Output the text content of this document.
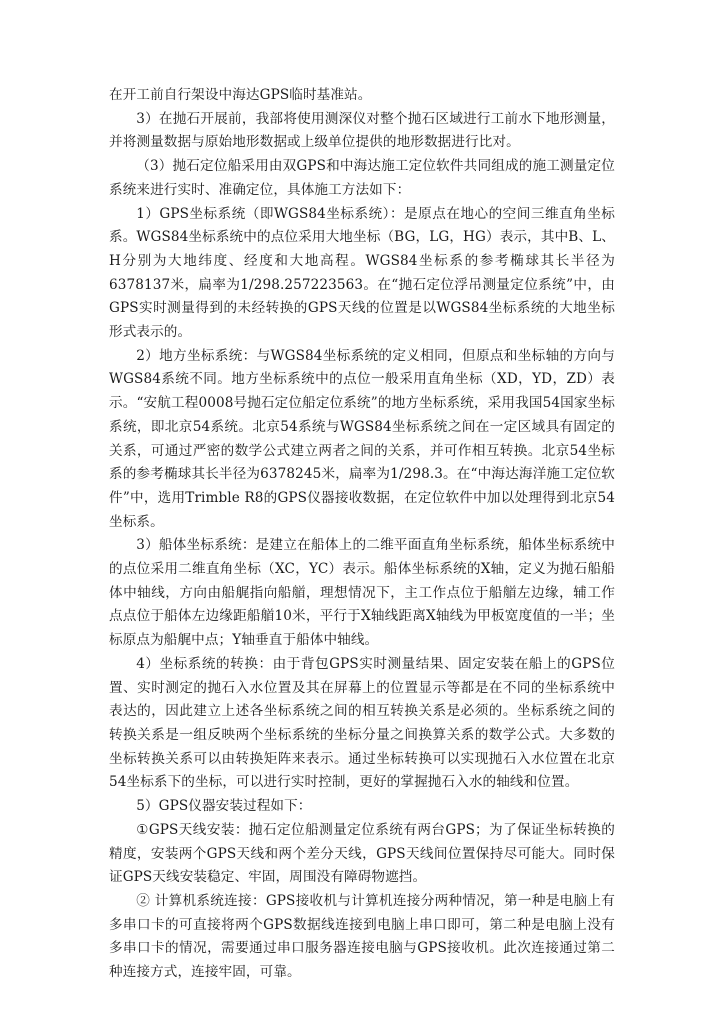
在开工前自行架设中海达GPS临时基准站。

3）在抛石开展前，我部将使用测深仪对整个抛石区域进行工前水下地形测量，并将测量数据与原始地形数据或上级单位提供的地形数据进行比对。

（3）抛石定位船采用由双GPS和中海达施工定位软件共同组成的施工测量定位系统来进行实时、准确定位，具体施工方法如下：

1）GPS坐标系统（即WGS84坐标系统）：是原点在地心的空间三维直角坐标系。WGS84坐标系统中的点位采用大地坐标（BG，LG，HG）表示，其中B、L、H分别为大地纬度、经度和大地高程。WGS84坐标系的参考椭球其长半径为6378137米，扁率为1/298.257223563。在“抛石定位浮吊测量定位系统”中，由GPS实时测量得到的未经转换的GPS天线的位置是以WGS84坐标系统的大地坐标形式表示的。

2）地方坐标系统：与WGS84坐标系统的定义相同，但原点和坐标轴的方向与WGS84系统不同。地方坐标系统中的点位一般采用直角坐标（XD，YD，ZD）表示。“安航工程0008号抛石定位船定位系统”的地方坐标系统，采用我国54国家坐标系统，即北京54系统。北京54系统与WGS84坐标系统之间在一定区域具有固定的关系，可通过严密的数学公式建立两者之间的关系，并可作相互转换。北京54坐标系的参考椭球其长半径为6378245米，扁率为1/298.3。在“中海达海洋施工定位软件”中，选用Trimble R8的GPS仪器接收数据，在定位软件中加以处理得到北京54坐标系。

3）船体坐标系统：是建立在船体上的二维平面直角坐标系统，船体坐标系统中的点位采用二维直角坐标（XC，YC）表示。船体坐标系统的X轴，定义为抛石船船体中轴线，方向由船艉指向船艏，理想情况下，主工作点位于船艏左边缘，辅工作点点位于船体左边缘距船艏10米，平行于X轴线距离X轴线为甲板宽度值的一半；坐标原点为船艉中点；Y轴垂直于船体中轴线。

4）坐标系统的转换：由于背包GPS实时测量结果、固定安装在船上的GPS位置、实时测定的抛石入水位置及其在屏幕上的位置显示等都是在不同的坐标系统中表达的，因此建立上述各坐标系统之间的相互转换关系是必须的。坐标系统之间的转换关系是一组反映两个坐标系统的坐标分量之间换算关系的数学公式。大多数的坐标转换关系可以由转换矩阵来表示。通过坐标转换可以实现抛石入水位置在北京54坐标系下的坐标，可以进行实时控制，更好的掌握抛石入水的轴线和位置。

5）GPS仪器安装过程如下：

①GPS天线安装：抛石定位船测量定位系统有两台GPS；为了保证坐标转换的精度，安装两个GPS天线和两个差分天线，GPS天线间位置保持尽可能大。同时保证GPS天线安装稳定、牢固，周围没有障碍物遮挡。

② 计算机系统连接：GPS接收机与计算机连接分两种情况，第一种是电脑上有多串口卡的可直接将两个GPS数据线连接到电脑上串口即可，第二种是电脑上没有多串口卡的情况，需要通过串口服务器连接电脑与GPS接收机。此次连接通过第二种连接方式，连接牢固，可靠。
